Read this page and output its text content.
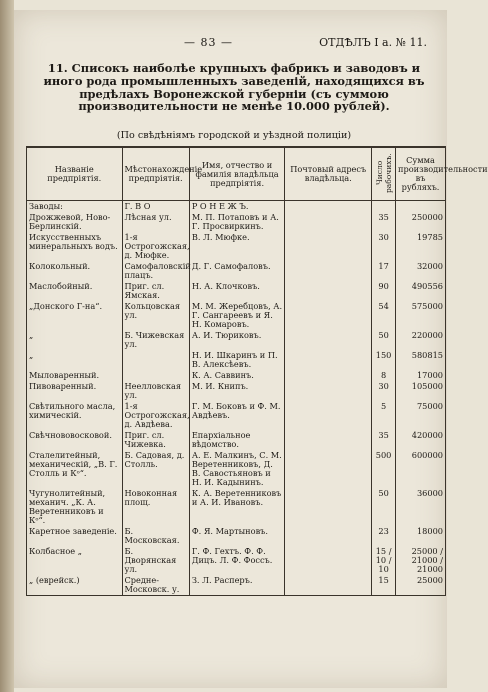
— 83 —	ОТДѢЛЪ I a. № 11.
11. Списокъ наиболѣе крупныхъ фабрикъ и заводовъ и иного рода промышленныхъ заведеній, находящихся въ предѣлахъ Воронежской губерніи (съ суммою производительности не менѣе 10.000 рублей).
(По свѣдѣніямъ городской и уѣздной полиціи)
Названіе предпріятія.	Мѣстонахожденіе предпріятія.	Имя, отчество и фамилія владѣльца предпріятія.	Почтовый адресъ владѣльца.	Число рабочихъ.	Сумма производительности въ рубляхъ.
Заводы:	Г. В О	Р О Н Е Ж Ъ.			
Дрожжевой, Ново-Берлинскій.	Лѣсная ул.	М. П. Потаповъ и А. Г. Просвиркинъ.		35	250000
Искусственныхъ минеральныхъ водъ.	1-я Острогожская, д. Мюфке.	В. Л. Мюфке.		30	19785
Колокольный.	Самофаловскій плацъ.	Д. Г. Самофаловъ.		17	32000
Маслобойный.	Приг. сл. Ямская.	Н. А. Клочковъ.		90	490556
„Донского Г-на“.	Кольцовская ул.	М. М. Жеребцовъ, А. Г. Сангареевъ и Я. Н. Комаровъ.		54	575000
„	Б. Чижевская ул.	А. И. Тюриковъ.		50	220000
„		Н. И. Шкаринъ и П. В. Алексѣевъ.		150	580815
Мыловаренный.		К. А. Саввинъ.		8	17000
Пивоваренный.	Неелловская ул.	М. И. Книпъ.		30	105000
Свѣтильного масла, химическій.	1-я Острогожская, д. Авдѣева.	Г. М. Боковъ и Ф. М. Авдѣевъ.		5	75000
Свѣчнововосковой.	Приг. сл. Чижевка.	Епархіальное вѣдомство.		35	420000
Сталелитейный, механическій, „В. Г. Столль и Кᵒ“.	Б. Садовая, д. Столль.	А. Е. Малкинъ, С. М. Веретенниковъ, Д. В. Савостьяновъ и Н. И. Кадынинъ.		500	600000
Чугунолитейный, механич. „К. А. Веретенниковъ и Кᵒ“.	Новоконная площ.	К. А. Веретенниковъ и А. И. Ивановъ.		50	36000
Каретное заведеніе.	Б. Московская.	Ф. Я. Мартыновъ.		23	18000
Колбасное „	Б. Дворянская ул.	Г. Ф. Гехтъ. Ф. Ф. Дицъ. Л. Ф. Фоссъ.		15 / 10 / 10	25000 / 21000 / 21000
„ (еврейск.)	Средне-Московск. у.	З. Л. Расперъ.		15	25000
